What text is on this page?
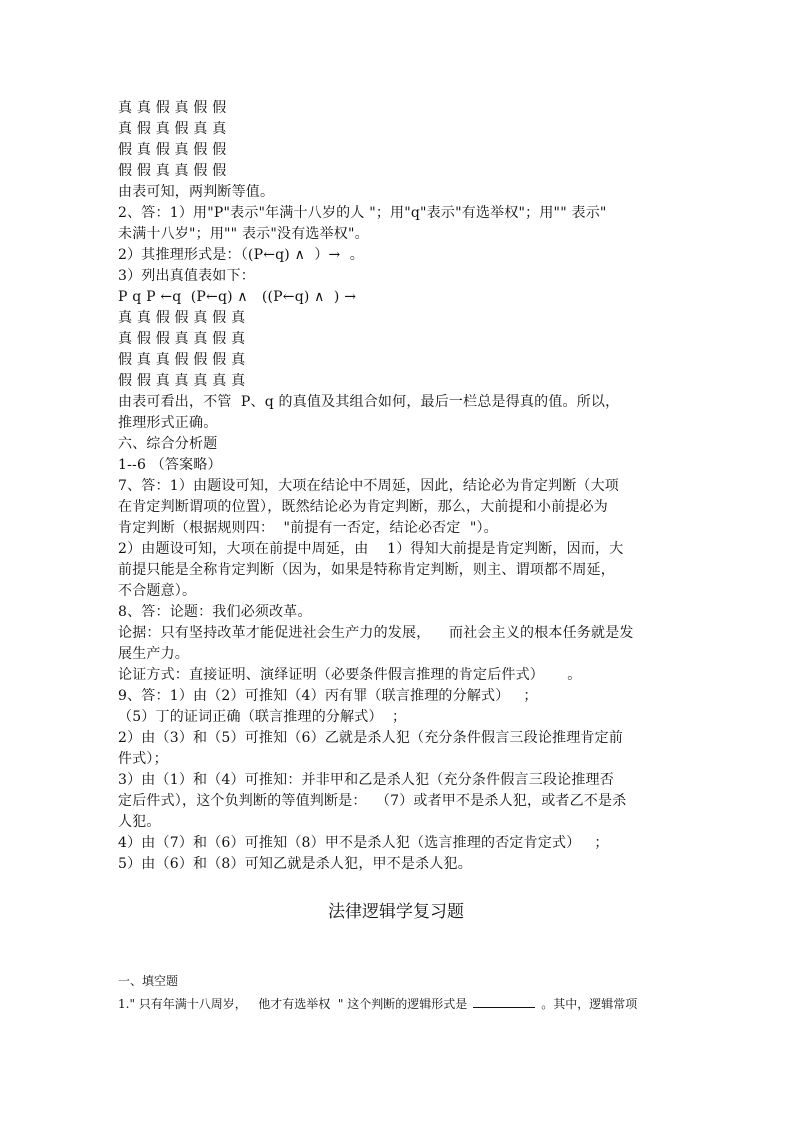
真 真 假 真 假 假
真 假 真 假 真 真
假 真 假 真 假 假
假 假 真 真 假 假
由表可知，两判断等值。
2、答：1）用"P"表示"年满十八岁的人 "；用"q"表示"有选举权"；用"" 表示"
未满十八岁"；用"" 表示"没有选举权"。
2）其推理形式是：（(P←q) ∧  ）→  。
3）列出真值表如下：
P q P ←q  (P←q) ∧   ((P←q) ∧  ) →
真 真 假 假 真 假 真
真 假 假 真 真 假 真
假 真 真 假 假 假 真
假 假 真 真 真 真 真
由表可看出，不管  P、q 的真值及其组合如何，最后一栏总是得真的值。所以，
推理形式正确。
六、综合分析题
1--6 （答案略）
7、答：1）由题设可知，大项在结论中不周延，因此，结论必为肯定判断（大项
在肯定判断谓项的位置），既然结论必为肯定判断，那么，大前提和小前提必为
肯定判断（根据规则四：  "前提有一否定，结论必否定  "）。
2）由题设可知，大项在前提中周延，由    1）得知大前提是肯定判断，因而，大
前提只能是全称肯定判断（因为，如果是特称肯定判断，则主、谓项都不周延，
不合题意）。
8、答：论题：我们必须改革。
论据：只有坚持改革才能促进社会生产力的发展，    而社会主义的根本任务就是发
展生产力。
论证方式：直接证明、演绎证明（必要条件假言推理的肯定后件式）     。
9、答：1）由（2）可推知（4）丙有罪（联言推理的分解式）   ；
（5）丁的证词正确（联言推理的分解式）  ；
2）由（3）和（5）可推知（6）乙就是杀人犯（充分条件假言三段论推理肯定前
件式）；
3）由（1）和（4）可推知：并非甲和乙是杀人犯（充分条件假言三段论推理否
定后件式），这个负判断的等值判断是：  （7）或者甲不是杀人犯，或者乙不是杀
人犯。
4）由（7）和（6）可推知（8）甲不是杀人犯（选言推理的否定肯定式）   ；
5）由（6）和（8）可知乙就是杀人犯，甲不是杀人犯。
法律逻辑学复习题
一、填空题
1." 只有年满十八周岁，   他才有选举权  " 这个判断的逻辑形式是	。其中，逻辑常项
